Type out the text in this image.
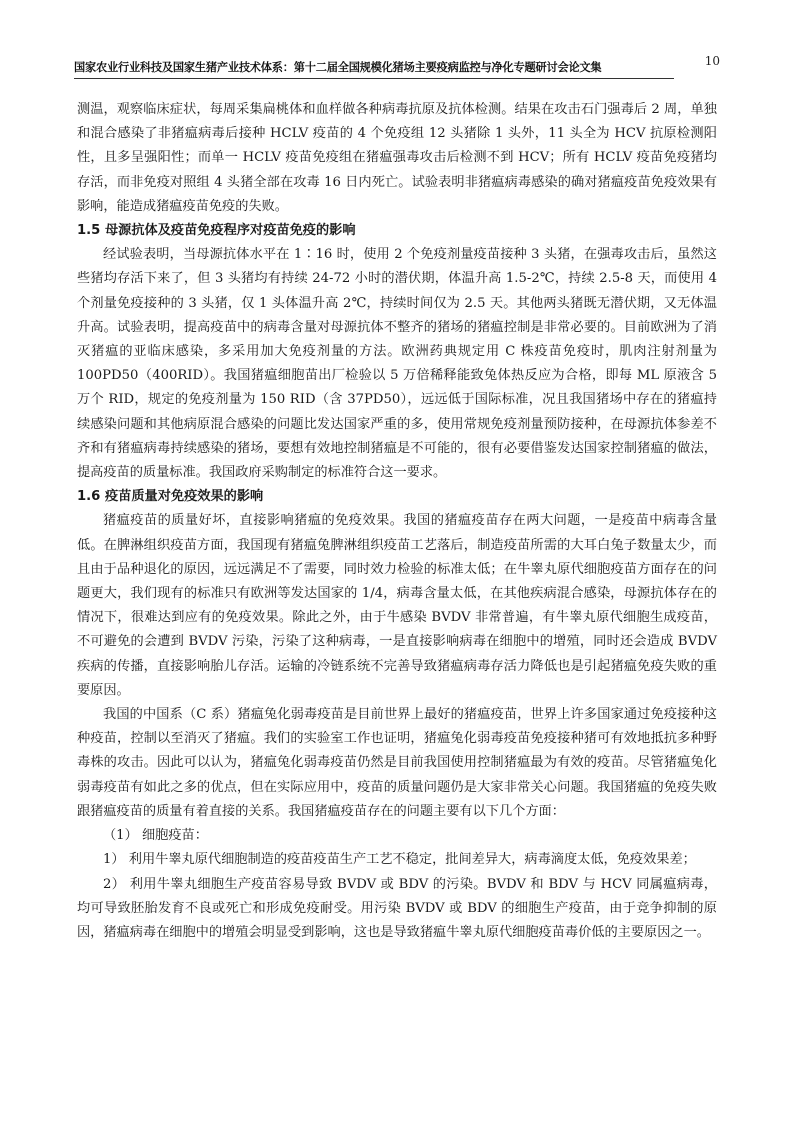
国家农业行业科技及国家生猪产业技术体系：第十二届全国规模化猪场主要疫病监控与净化专题研讨会论文集	10

测温，观察临床症状，每周采集扁桃体和血样做各种病毒抗原及抗体检测。结果在攻击石门强毒后 2 周，单独和混合感染了非猪瘟病毒后接种 HCLV 疫苗的 4 个免疫组 12 头猪除 1 头外，11 头全为 HCV 抗原检测阳性，且多呈强阳性；而单一 HCLV 疫苗免疫组在猪瘟强毒攻击后检测不到 HCV；所有 HCLV 疫苗免疫猪均存活，而非免疫对照组 4 头猪全部在攻毒 16 日内死亡。试验表明非猪瘟病毒感染的确对猪瘟疫苗免疫效果有影响，能造成猪瘟疫苗免疫的失败。

1.5 母源抗体及疫苗免疫程序对疫苗免疫的影响

经试验表明，当母源抗体水平在 1∶16 时，使用 2 个免疫剂量疫苗接种 3 头猪，在强毒攻击后，虽然这些猪均存活下来了，但 3 头猪均有持续 24-72 小时的潜伏期，体温升高 1.5-2℃，持续 2.5-8 天，而使用 4 个剂量免疫接种的 3 头猪，仅 1 头体温升高 2℃，持续时间仅为 2.5 天。其他两头猪既无潜伏期，又无体温升高。试验表明，提高疫苗中的病毒含量对母源抗体不整齐的猪场的猪瘟控制是非常必要的。目前欧洲为了消灭猪瘟的亚临床感染，多采用加大免疫剂量的方法。欧洲药典规定用 C 株疫苗免疫时，肌肉注射剂量为 100PD50（400RID）。我国猪瘟细胞苗出厂检验以 5 万倍稀释能致兔体热反应为合格，即每 ML 原液含 5 万个 RID，规定的免疫剂量为 150 RID（含 37PD50），远远低于国际标准，况且我国猪场中存在的猪瘟持续感染问题和其他病原混合感染的问题比发达国家严重的多，使用常规免疫剂量预防接种，在母源抗体参差不齐和有猪瘟病毒持续感染的猪场，要想有效地控制猪瘟是不可能的，很有必要借鉴发达国家控制猪瘟的做法，提高疫苗的质量标准。我国政府采购制定的标准符合这一要求。

1.6 疫苗质量对免疫效果的影响

猪瘟疫苗的质量好坏，直接影响猪瘟的免疫效果。我国的猪瘟疫苗存在两大问题，一是疫苗中病毒含量低。在脾淋组织疫苗方面，我国现有猪瘟兔脾淋组织疫苗工艺落后，制造疫苗所需的大耳白兔子数量太少，而且由于品种退化的原因，远远满足不了需要，同时效力检验的标准太低；在牛睾丸原代细胞疫苗方面存在的问题更大，我们现有的标准只有欧洲等发达国家的 1/4，病毒含量太低，在其他疾病混合感染，母源抗体存在的情况下，很难达到应有的免疫效果。除此之外，由于牛感染 BVDV 非常普遍，有牛睾丸原代细胞生成疫苗，不可避免的会遭到 BVDV 污染，污染了这种病毒，一是直接影响病毒在细胞中的增殖，同时还会造成 BVDV 疾病的传播，直接影响胎儿存活。运输的冷链系统不完善导致猪瘟病毒存活力降低也是引起猪瘟免疫失败的重要原因。

我国的中国系（C 系）猪瘟兔化弱毒疫苗是目前世界上最好的猪瘟疫苗，世界上许多国家通过免疫接种这种疫苗，控制以至消灭了猪瘟。我们的实验室工作也证明，猪瘟兔化弱毒疫苗免疫接种猪可有效地抵抗多种野毒株的攻击。因此可以认为，猪瘟兔化弱毒疫苗仍然是目前我国使用控制猪瘟最为有效的疫苗。尽管猪瘟兔化弱毒疫苗有如此之多的优点，但在实际应用中，疫苗的质量问题仍是大家非常关心问题。我国猪瘟的免疫失败跟猪瘟疫苗的质量有着直接的关系。我国猪瘟疫苗存在的问题主要有以下几个方面：

（1） 细胞疫苗：

1） 利用牛睾丸原代细胞制造的疫苗疫苗生产工艺不稳定，批间差异大，病毒滴度太低，免疫效果差；

2） 利用牛睾丸细胞生产疫苗容易导致 BVDV 或 BDV 的污染。BVDV 和 BDV 与 HCV 同属瘟病毒，均可导致胚胎发育不良或死亡和形成免疫耐受。用污染 BVDV 或 BDV 的细胞生产疫苗，由于竞争抑制的原因，猪瘟病毒在细胞中的增殖会明显受到影响，这也是导致猪瘟牛睾丸原代细胞疫苗毒价低的主要原因之一。
